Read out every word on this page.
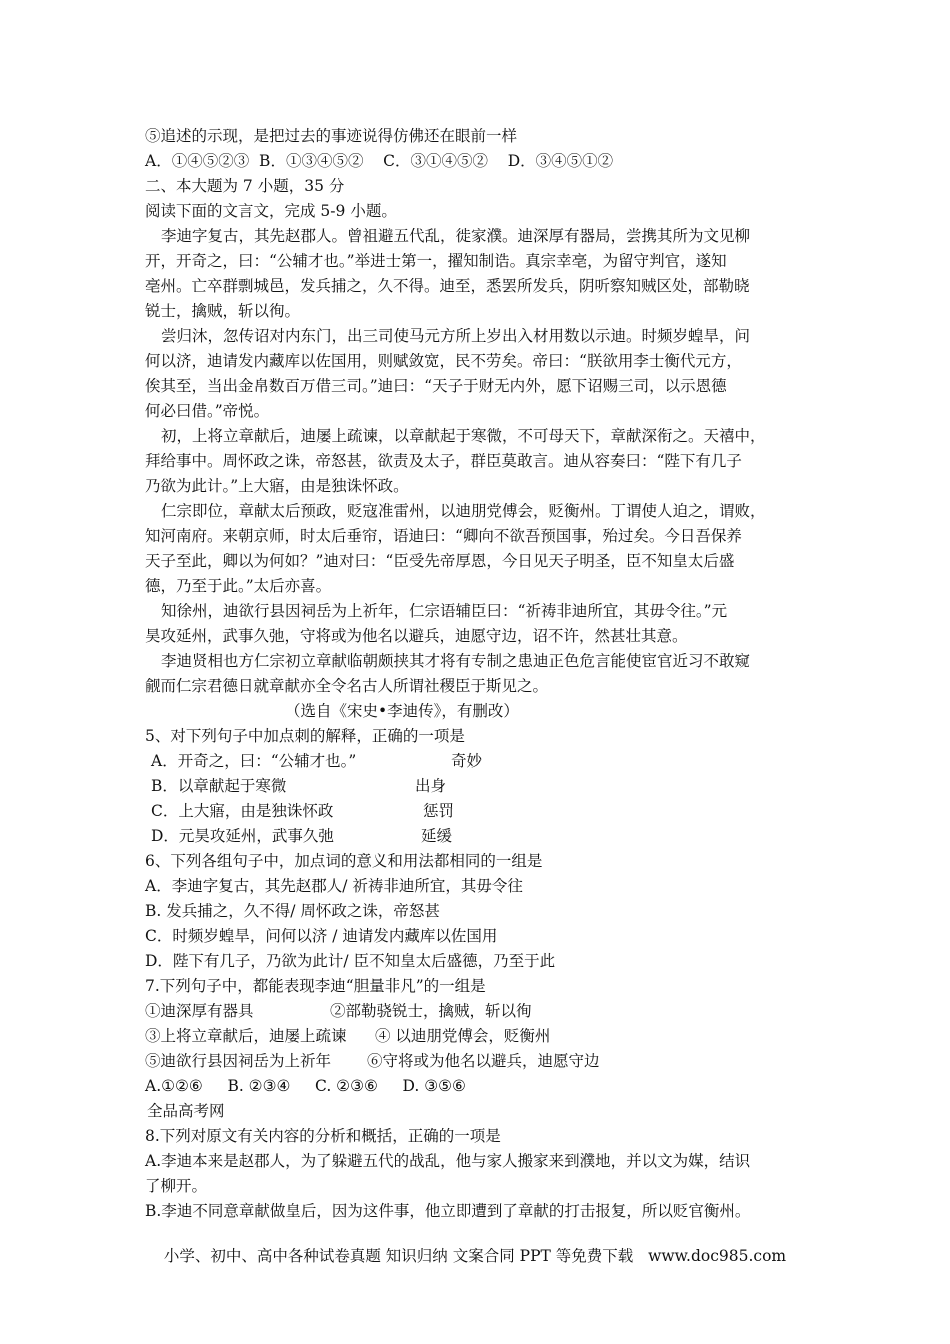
⑤追述的示现，是把过去的事迹说得仿佛还在眼前一样
A．①④⑤②③  B．①③④⑤②    C．③①④⑤②    D．③④⑤①②
二、本大题为 7 小题，35 分
阅读下面的文言文，完成 5-9 小题。
李迪字复古，其先赵郡人。曾祖避五代乱，徙家濮。迪深厚有器局，尝携其所为文见柳
开，开奇之，曰：“公辅才也。”举进士第一，擢知制诰。真宗幸亳，为留守判官，遂知
亳州。亡卒群剽城邑，发兵捕之，久不得。迪至，悉罢所发兵，阴听察知贼区处，部勒晓
锐士，擒贼，斩以徇。
尝归沐，忽传诏对内东门，出三司使马元方所上岁出入材用数以示迪。时频岁蝗旱，问
何以济，迪请发内藏库以佐国用，则赋敛宽，民不劳矣。帝曰：“朕欲用李士衡代元方，
俟其至，当出金帛数百万借三司。”迪曰：“天子于财无内外，愿下诏赐三司，以示恩德
何必曰借。”帝悦。
初，上将立章献后，迪屡上疏谏，以章献起于寒微，不可母天下，章献深衔之。天禧中，
拜给事中。周怀政之诛，帝怒甚，欲责及太子，群臣莫敢言。迪从容奏曰：“陛下有几子
乃欲为此计。”上大寤，由是独诛怀政。
仁宗即位，章献太后预政，贬寇准雷州，以迪朋党傅会，贬衡州。丁谓使人迫之，谓败，
知河南府。来朝京师，时太后垂帘，语迪曰：“卿向不欲吾预国事，殆过矣。今日吾保养
天子至此，卿以为何如？”迪对曰：“臣受先帝厚恩，今日见天子明圣，臣不知皇太后盛
德，乃至于此。”太后亦喜。
知徐州，迪欲行县因祠岳为上祈年，仁宗语辅臣曰：“祈祷非迪所宜，其毋令往。”元
昊攻延州，武事久弛，守将或为他名以避兵，迪愿守边，诏不许，然甚壮其意。
李迪贤相也方仁宗初立章献临朝颇挟其才将有专制之患迪正色危言能使宦官近习不敢窥
觎而仁宗君德日就章献亦全令名古人所谓社稷臣于斯见之。
（选自《宋史•李迪传》，有删改）
5、对下列句子中加点刺的解释，正确的一项是
A．开奇之，曰：“公辅才也。”	奇妙
B．以章献起于寒微	出身
C．上大寤，由是独诛怀政	惩罚
D．元昊攻延州，武事久弛	延缓
6、下列各组句子中，加点词的意义和用法都相同的一组是
A．李迪字复古，其先赵郡人/ 祈祷非迪所宜，其毋令往
B. 发兵捕之，久不得/ 周怀政之诛，帝怒甚
C．时频岁蝗旱，问何以济 / 迪请发内藏库以佐国用
D．陛下有几子，乃欲为此计/ 臣不知皇太后盛德，乃至于此
7.下列句子中，都能表现李迪“胆量非凡”的一组是
①迪深厚有器具	②部勒骁锐士，擒贼，斩以徇
③上将立章献后，迪屡上疏谏 ④ 以迪朋党傅会，贬衡州
⑤迪欲行县因祠岳为上祈年 ⑥守将或为他名以避兵，迪愿守边
A.①②⑥     B. ②③④     C. ②③⑥     D. ③⑤⑥
全品高考网
8.下列对原文有关内容的分析和概括，正确的一项是
A.李迪本来是赵郡人，为了躲避五代的战乱，他与家人搬家来到濮地，并以文为媒，结识
了柳开。
B.李迪不同意章献做皇后，因为这件事，他立即遭到了章献的打击报复，所以贬官衡州。
小学、初中、高中各种试卷真题 知识归纳 文案合同 PPT 等免费下载   www.doc985.com
